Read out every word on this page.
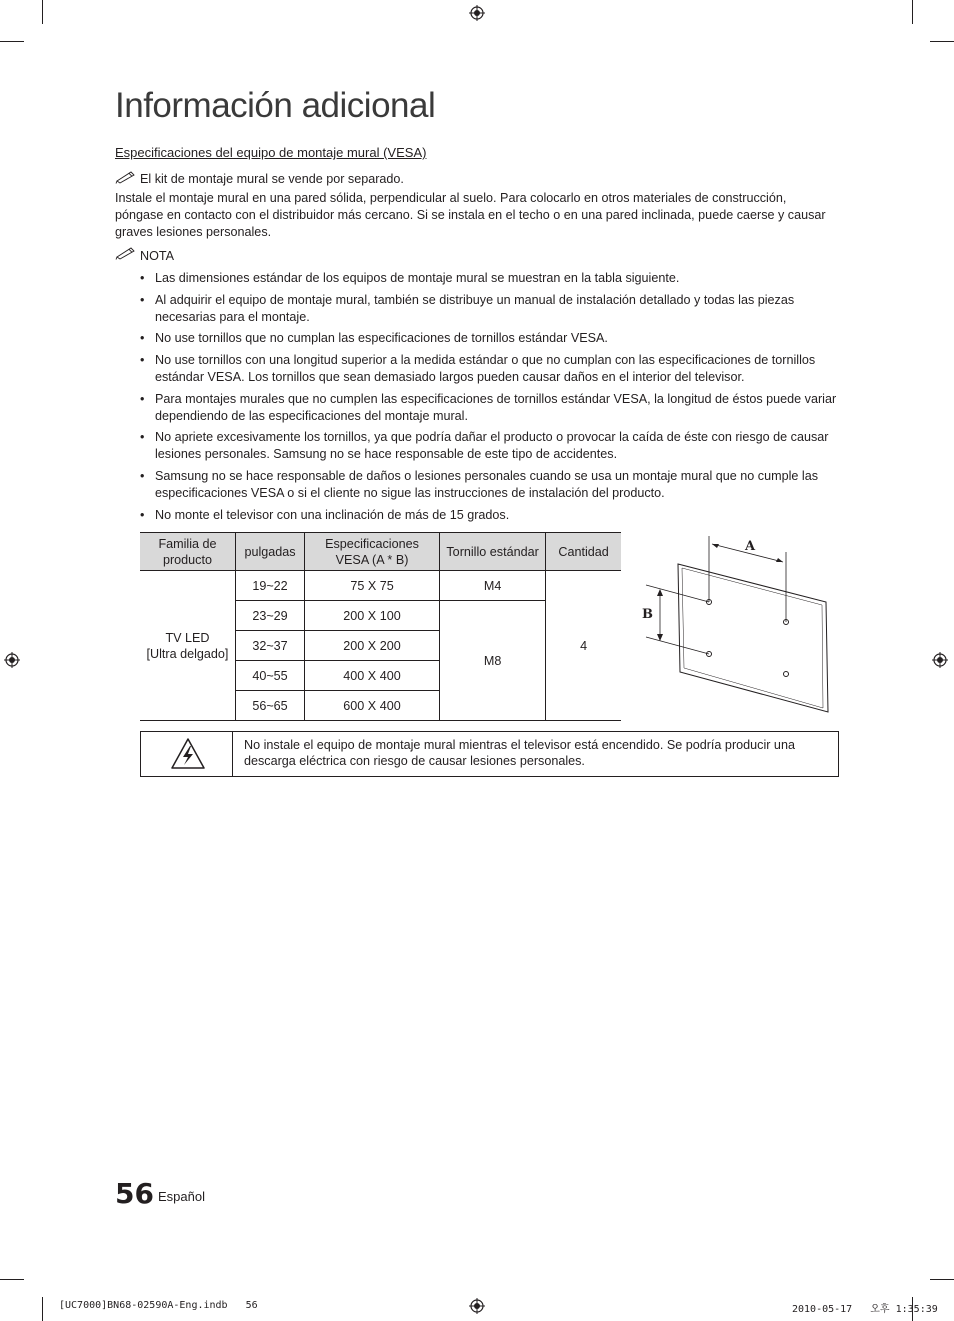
Información adicional
Especificaciones del equipo de montaje mural (VESA)
El kit de montaje mural se vende por separado.
Instale el montaje mural en una pared sólida, perpendicular al suelo. Para colocarlo en otros materiales de construcción, póngase en contacto con el distribuidor más cercano. Si se instala en el techo o en una pared inclinada, puede caerse y causar graves lesiones personales.
NOTA
• Las dimensiones estándar de los equipos de montaje mural se muestran en la tabla siguiente.
• Al adquirir el equipo de montaje mural, también se distribuye un manual de instalación detallado y todas las piezas necesarias para el montaje.
• No use tornillos que no cumplan las especificaciones de tornillos estándar VESA.
• No use tornillos con una longitud superior a la medida estándar o que no cumplan con las especificaciones de tornillos estándar VESA. Los tornillos que sean demasiado largos pueden causar daños en el interior del televisor.
• Para montajes murales que no cumplen las especificaciones de tornillos estándar VESA, la longitud de éstos puede variar dependiendo de las especificaciones del montaje mural.
• No apriete excesivamente los tornillos, ya que podría dañar el producto o provocar la caída de éste con riesgo de causar lesiones personales. Samsung no se hace responsable de este tipo de accidentes.
• Samsung no se hace responsable de daños o lesiones personales cuando se usa un montaje mural que no cumple las especificaciones VESA o si el cliente no sigue las instrucciones de instalación del producto.
• No monte el televisor con una inclinación de más de 15 grados.
Familia de producto	pulgadas	Especificaciones VESA (A * B)	Tornillo estándar	Cantidad
TV LED
[Ultra delgado]	19~22	75 X 75	M4	4
	23~29	200 X 100	M8	
	32~37	200 X 200		
	40~55	400 X 400		
	56~65	600 X 400		
A
B
No instale el equipo de montaje mural mientras el televisor está encendido. Se podría producir una descarga eléctrica con riesgo de causar lesiones personales.
56 Español
[UC7000]BN68-02590A-Eng.indb   56	2010-05-17   오후 1:35:39
